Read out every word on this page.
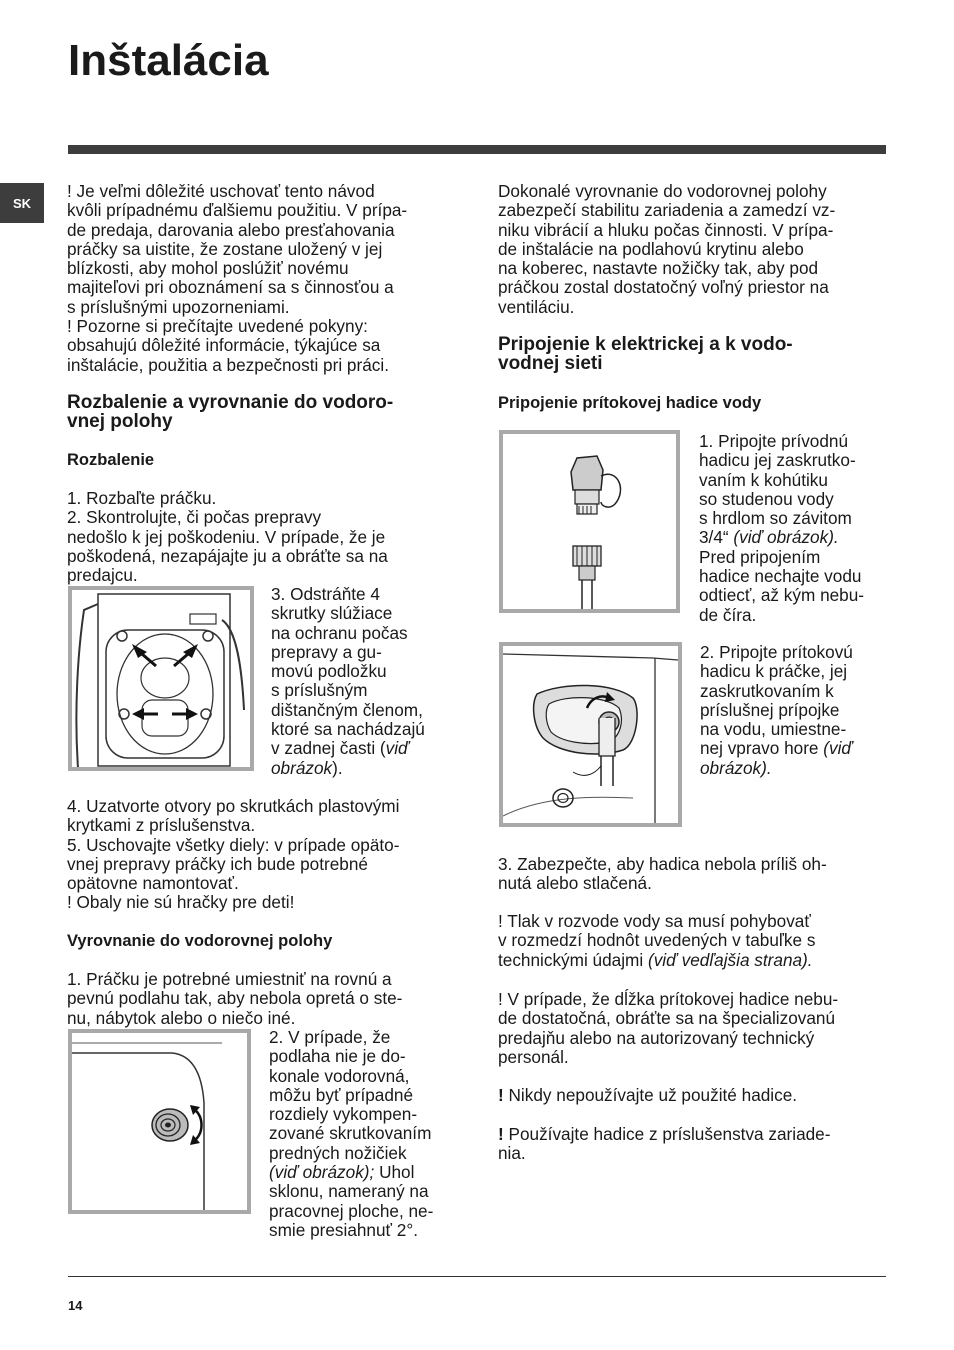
Inštalácia
SK
! Je veľmi dôležité uschovať tento návod
kvôli prípadnému ďalšiemu použitiu. V prípa-
de predaja, darovania alebo presťahovania
práčky sa uistite, že zostane uložený v jej
blízkosti, aby mohol poslúžiť novému
majiteľovi pri oboznámení sa s činnosťou a
s príslušnými upozorneniami.
! Pozorne si prečítajte uvedené pokyny:
obsahujú dôležité informácie, týkajúce sa
inštalácie, použitia a bezpečnosti pri práci.
Rozbalenie a vyrovnanie do vodoro-
vnej polohy
Rozbalenie
1. Rozbaľte práčku.
2. Skontrolujte, či počas prepravy
nedošlo k jej poškodeniu. V prípade, že je
poškodená, nezapájajte ju a obráťte sa na
predajcu.
3. Odstráňte 4
skrutky slúžiace
na ochranu počas
prepravy a gu-
movú podložku
s príslušným
dištančným členom,
ktoré sa nachádzajú
v zadnej časti (viď
obrázok).
4. Uzatvorte otvory po skrutkách plastovými
krytkami z príslušenstva.
5. Uschovajte všetky diely: v prípade opäto-
vnej prepravy práčky ich bude potrebné
opätovne namontovať.
! Obaly nie sú hračky pre deti!
Vyrovnanie do vodorovnej polohy
1. Práčku je potrebné umiestniť na rovnú a
pevnú podlahu tak, aby nebola opretá o ste-
nu, nábytok alebo o niečo iné.
2. V prípade, že
podlaha nie je do-
konale vodorovná,
môžu byť prípadné
rozdiely vykompen-
zované skrutkovaním
predných nožičiek
(viď obrázok); Uhol
sklonu, nameraný na
pracovnej ploche, ne-
smie presiahnuť 2°.
Dokonalé vyrovnanie do vodorovnej polohy
zabezpečí stabilitu zariadenia a zamedzí vz-
niku vibrácií a hluku počas činnosti. V prípa-
de inštalácie na podlahovú krytinu alebo
na koberec, nastavte nožičky tak, aby pod
práčkou zostal dostatočný voľný priestor na
ventiláciu.
Pripojenie k elektrickej a k vodo-
vodnej sieti
Pripojenie prítokovej hadice vody
1. Pripojte prívodnú
hadicu jej zaskrutko-
vaním k kohútiku
so studenou vody
s hrdlom so závitom
3/4“ (viď obrázok).
Pred pripojením
hadice nechajte vodu
odtiecť, až kým nebu-
de číra.
2. Pripojte prítokovú
hadicu k práčke, jej
zaskrutkovaním k
príslušnej prípojke
na vodu, umiestne-
nej vpravo hore (viď
obrázok).
3. Zabezpečte, aby hadica nebola príliš oh-
nutá alebo stlačená.
! Tlak v rozvode vody sa musí pohybovať
v rozmedzí hodnôt uvedených v tabuľke s
technickými údajmi (viď vedľajšia strana).
! V prípade, že dĺžka prítokovej hadice nebu-
de dostatočná, obráťte sa na špecializovanú
predajňu alebo na autorizovaný technický
personál.
! Nikdy nepoužívajte už použité hadice.
! Používajte hadice z príslušenstva zariade-
nia.
14
